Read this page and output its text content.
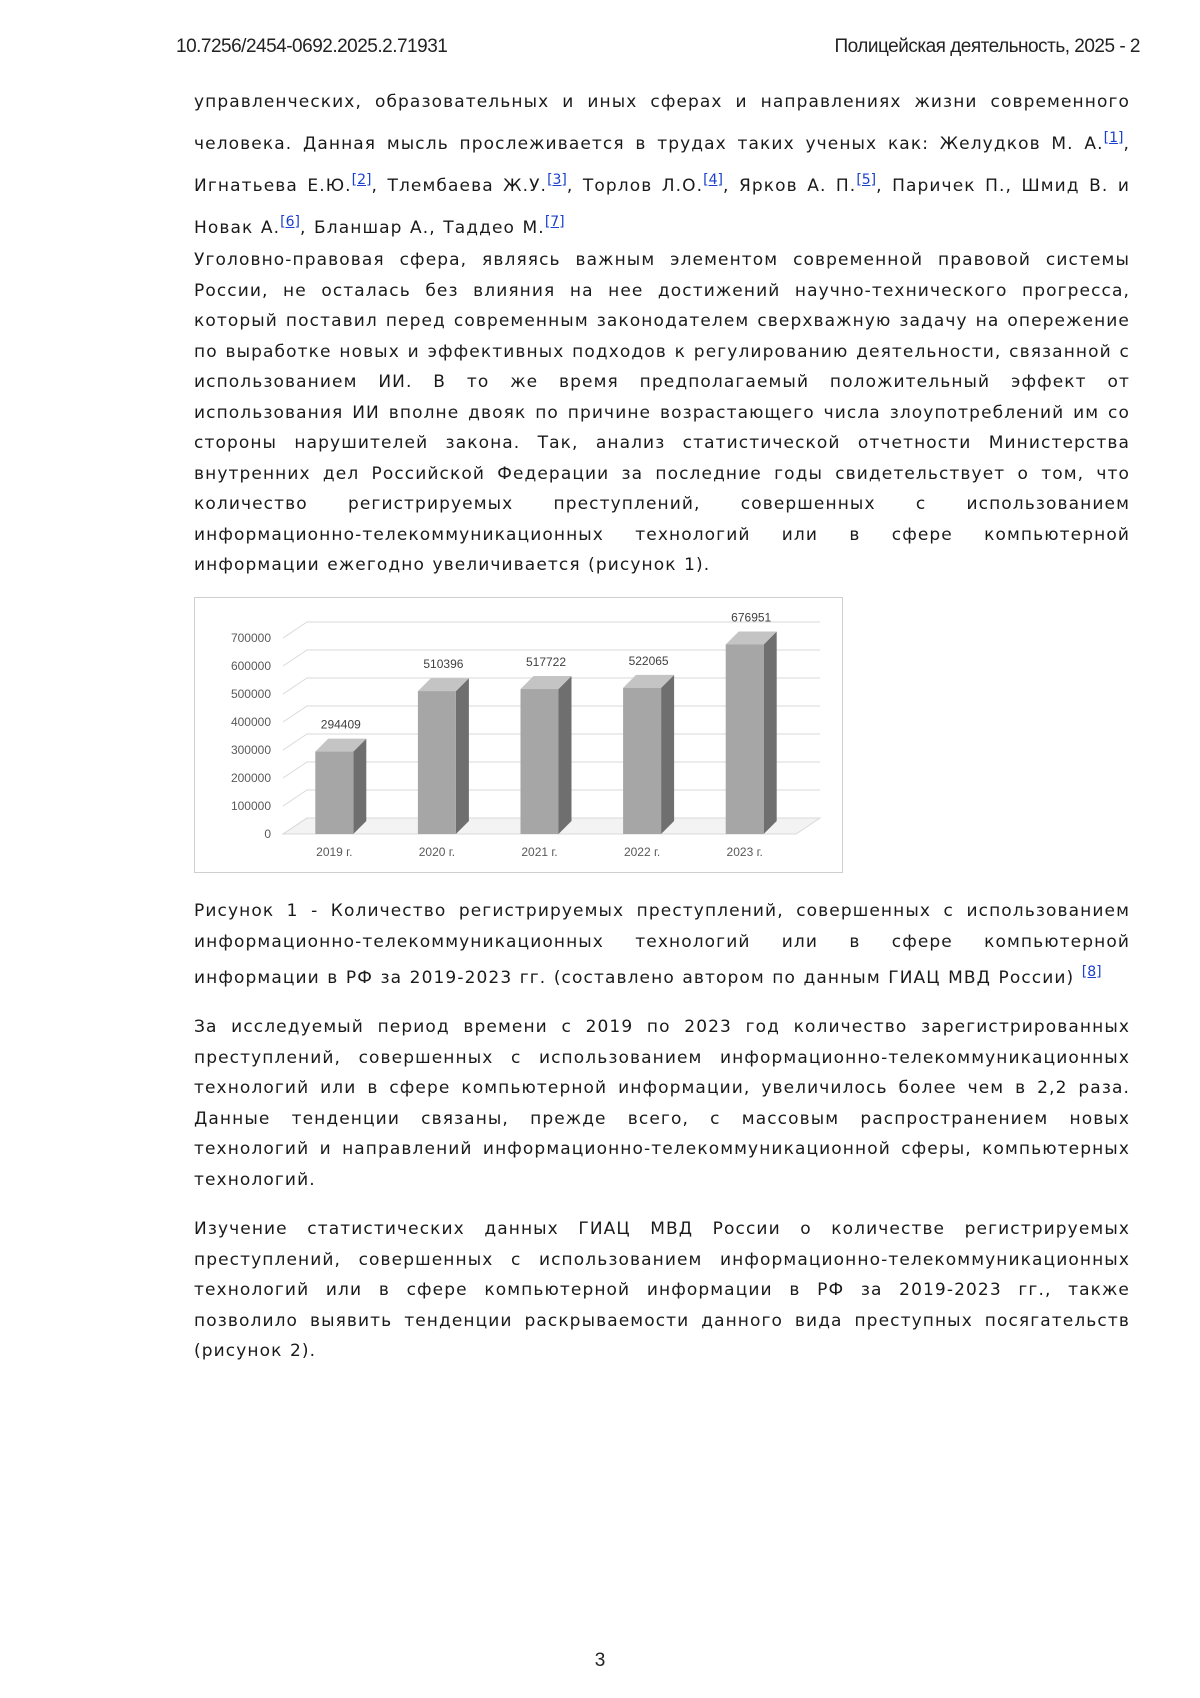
10.7256/2454-0692.2025.2.71931	Полицейская деятельность, 2025 - 2

управленческих, образовательных и иных сферах и направлениях жизни современного человека. Данная мысль прослеживается в трудах таких ученых как: Желудков М. А.[1], Игнатьева Е.Ю.[2], Тлембаева Ж.У.[3], Торлов Л.О.[4], Ярков А. П.[5], Паричек П., Шмид В. и Новак А.[6], Бланшар А., Таддео М.[7]

Уголовно-правовая сфера, являясь важным элементом современной правовой системы России, не осталась без влияния на нее достижений научно-технического прогресса, который поставил перед современным законодателем сверхважную задачу на опережение по выработке новых и эффективных подходов к регулированию деятельности, связанной с использованием ИИ. В то же время предполагаемый положительный эффект от использования ИИ вполне двояк по причине возрастающего числа злоупотреблений им со стороны нарушителей закона. Так, анализ статистической отчетности Министерства внутренних дел Российской Федерации за последние годы свидетельствует о том, что количество регистрируемых преступлений, совершенных с использованием информационно-телекоммуникационных технологий или в сфере компьютерной информации ежегодно увеличивается (рисунок 1).

0
100000
200000
300000
400000
500000
600000
700000
294409
2019 г.
510396
2020 г.
517722
2021 г.
522065
2022 г.
676951
2023 г.

Рисунок 1 - Количество регистрируемых преступлений, совершенных с использованием информационно-телекоммуникационных технологий или в сфере компьютерной информации в РФ за 2019-2023 гг. (составлено автором по данным ГИАЦ МВД России) [8]

За исследуемый период времени с 2019 по 2023 год количество зарегистрированных преступлений, совершенных с использованием информационно-телекоммуникационных технологий или в сфере компьютерной информации, увеличилось более чем в 2,2 раза. Данные тенденции связаны, прежде всего, с массовым распространением новых технологий и направлений информационно-телекоммуникационной сферы, компьютерных технологий.

Изучение статистических данных ГИАЦ МВД России о количестве регистрируемых преступлений, совершенных с использованием информационно-телекоммуникационных технологий или в сфере компьютерной информации в РФ за 2019-2023 гг., также позволило выявить тенденции раскрываемости данного вида преступных посягательств (рисунок 2).

3
